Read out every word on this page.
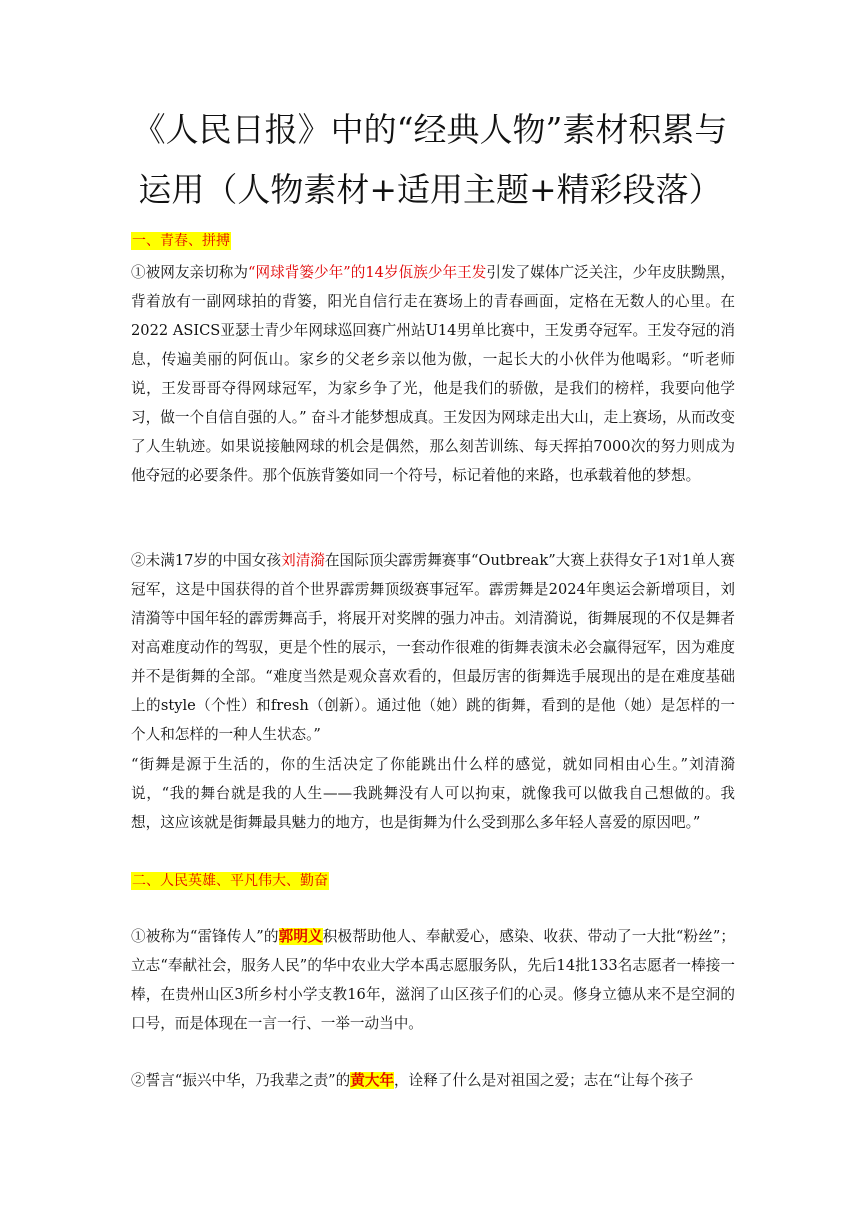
《人民日报》中的“经典人物”素材积累与
运用（人物素材+适用主题+精彩段落）
一、青春、拼搏
①被网友亲切称为“网球背篓少年”的14岁佤族少年王发引发了媒体广泛关注，少年皮肤黝黑，背着放有一副网球拍的背篓，阳光自信行走在赛场上的青春画面，定格在无数人的心里。在2022 ASICS亚瑟士青少年网球巡回赛广州站U14男单比赛中，王发勇夺冠军。王发夺冠的消息，传遍美丽的阿佤山。家乡的父老乡亲以他为傲，一起长大的小伙伴为他喝彩。“听老师说，王发哥哥夺得网球冠军，为家乡争了光，他是我们的骄傲，是我们的榜样，我要向他学习，做一个自信自强的人。” 奋斗才能梦想成真。王发因为网球走出大山，走上赛场，从而改变了人生轨迹。如果说接触网球的机会是偶然，那么刻苦训练、每天挥拍7000次的努力则成为他夺冠的必要条件。那个佤族背篓如同一个符号，标记着他的来路，也承载着他的梦想。
②未满17岁的中国女孩刘清漪在国际顶尖霹雳舞赛事“Outbreak”大赛上获得女子1对1单人赛冠军，这是中国获得的首个世界霹雳舞顶级赛事冠军。霹雳舞是2024年奥运会新增项目，刘清漪等中国年轻的霹雳舞高手，将展开对奖牌的强力冲击。刘清漪说，街舞展现的不仅是舞者对高难度动作的驾驭，更是个性的展示，一套动作很难的街舞表演未必会赢得冠军，因为难度并不是街舞的全部。“难度当然是观众喜欢看的，但最厉害的街舞选手展现出的是在难度基础上的style（个性）和fresh（创新）。通过他（她）跳的街舞，看到的是他（她）是怎样的一个人和怎样的一种人生状态。”
“街舞是源于生活的，你的生活决定了你能跳出什么样的感觉，就如同相由心生。”刘清漪说，“我的舞台就是我的人生——我跳舞没有人可以拘束，就像我可以做我自己想做的。我想，这应该就是街舞最具魅力的地方，也是街舞为什么受到那么多年轻人喜爱的原因吧。”
二、人民英雄、平凡伟大、勤奋
①被称为“雷锋传人”的郭明义积极帮助他人、奉献爱心，感染、收获、带动了一大批“粉丝”；立志“奉献社会，服务人民”的华中农业大学本禹志愿服务队，先后14批133名志愿者一棒接一棒，在贵州山区3所乡村小学支教16年，滋润了山区孩子们的心灵。修身立德从来不是空洞的口号，而是体现在一言一行、一举一动当中。
②誓言“振兴中华，乃我辈之责”的黄大年，诠释了什么是对祖国之爱；志在“让每个孩子
